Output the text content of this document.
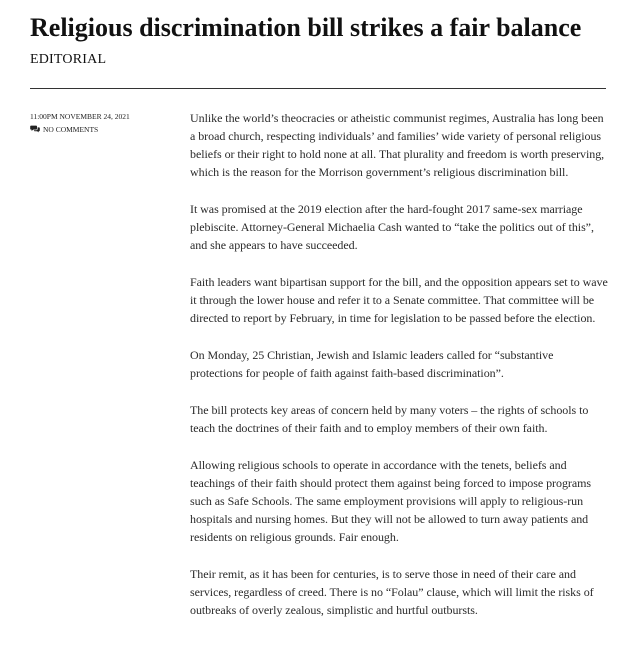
Religious discrimination bill strikes a fair balance
EDITORIAL
11:00PM NOVEMBER 24, 2021
NO COMMENTS

Unlike the world’s theocracies or atheistic communist regimes, Australia has long been a broad church, respecting individuals’ and families’ wide variety of personal religious beliefs or their right to hold none at all. That plurality and freedom is worth preserving, which is the reason for the Morrison government’s religious discrimination bill.

It was promised at the 2019 election after the hard-fought 2017 same-sex marriage plebiscite. Attorney-General Michaelia Cash wanted to “take the politics out of this”, and she appears to have succeeded.

Faith leaders want bipartisan support for the bill, and the opposition appears set to wave it through the lower house and refer it to a Senate committee. That committee will be directed to report by February, in time for legislation to be passed before the election.

On Monday, 25 Christian, Jewish and Islamic leaders called for “substantive protections for people of faith against faith-based discrimination”.

The bill protects key areas of concern held by many voters – the rights of schools to teach the doctrines of their faith and to employ members of their own faith.

Allowing religious schools to operate in accordance with the tenets, beliefs and teachings of their faith should protect them against being forced to impose programs such as Safe Schools. The same employment provisions will apply to religious-run hospitals and nursing homes. But they will not be allowed to turn away patients and residents on religious grounds. Fair enough.

Their remit, as it has been for centuries, is to serve those in need of their care and services, regardless of creed. There is no “Folau” clause, which will limit the risks of outbreaks of overly zealous, simplistic and hurtful outbursts.
